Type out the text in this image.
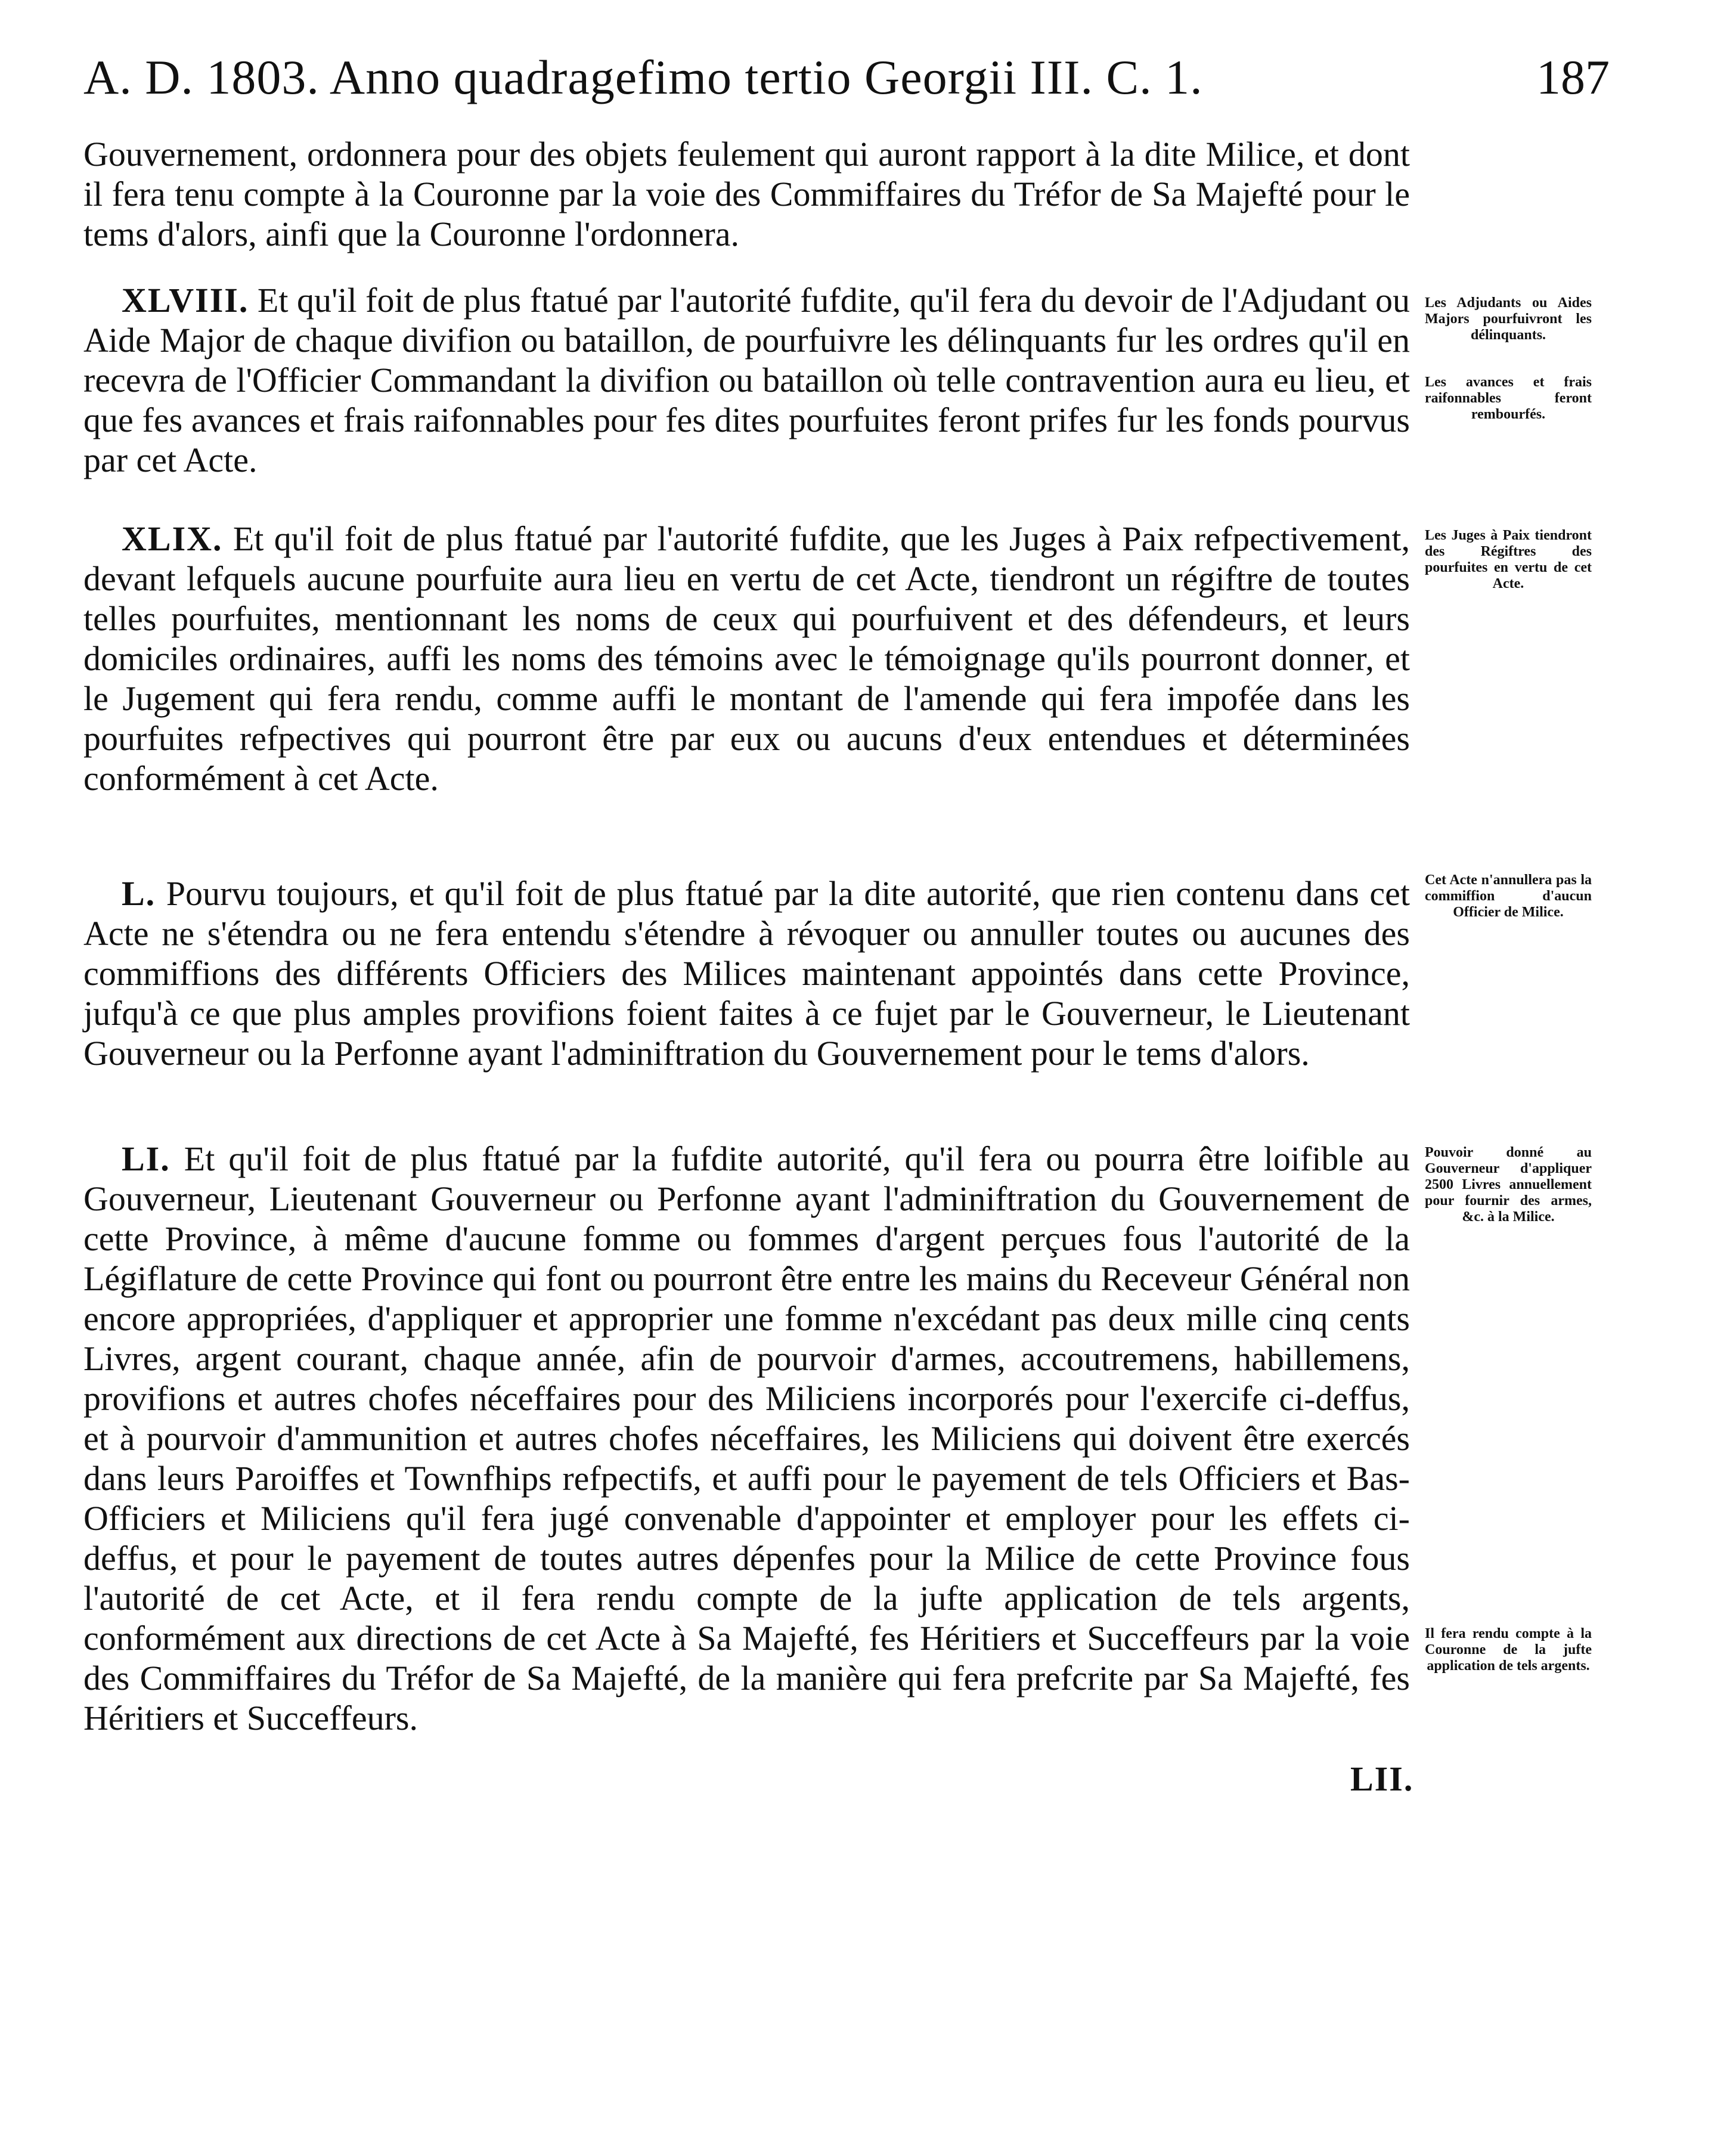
A. D. 1803. Anno quadragefimo tertio Georgii III. C. 1.	187

Gouvernement, ordonnera pour des objets feulement qui auront rapport à la dite Milice, et dont il fera tenu compte à la Couronne par la voie des Commiffaires du Tréfor de Sa Majefté pour le tems d'alors, ainfi que la Couronne l'ordonnera.

XLVIII. Et qu'il foit de plus ftatué par l'autorité fufdite, qu'il fera du devoir de l'Adjudant ou Aide Major de chaque divifion ou bataillon, de pourfuivre les délinquants fur les ordres qu'il en recevra de l'Officier Commandant la divifion ou bataillon où telle contravention aura eu lieu, et que fes avances et frais raifonnables pour fes dites pourfuites feront prifes fur les fonds pourvus par cet Acte.

XLIX. Et qu'il foit de plus ftatué par l'autorité fufdite, que les Juges à Paix refpectivement, devant lefquels aucune pourfuite aura lieu en vertu de cet Acte, tiendront un régiftre de toutes telles pourfuites, mentionnant les noms de ceux qui pourfuivent et des défendeurs, et leurs domiciles ordinaires, auffi les noms des témoins avec le témoignage qu'ils pourront donner, et le Jugement qui fera rendu, comme auffi le montant de l'amende qui fera impofée dans les pourfuites refpectives qui pourront être par eux ou aucuns d'eux entendues et déterminées conformément à cet Acte.

L. Pourvu toujours, et qu'il foit de plus ftatué par la dite autorité, que rien contenu dans cet Acte ne s'étendra ou ne fera entendu s'étendre à révoquer ou annuller toutes ou aucunes des commiffions des différents Officiers des Milices maintenant appointés dans cette Province, jufqu'à ce que plus amples provifions foient faites à ce fujet par le Gouverneur, le Lieutenant Gouverneur ou la Perfonne ayant l'adminiftration du Gouvernement pour le tems d'alors.

LI. Et qu'il foit de plus ftatué par la fufdite autorité, qu'il fera ou pourra être loifible au Gouverneur, Lieutenant Gouverneur ou Perfonne ayant l'adminiftration du Gouvernement de cette Province, à même d'aucune fomme ou fommes d'argent perçues fous l'autorité de la Légiflature de cette Province qui font ou pourront être entre les mains du Receveur Général non encore appropriées, d'appliquer et approprier une fomme n'excédant pas deux mille cinq cents Livres, argent courant, chaque année, afin de pourvoir d'armes, accoutremens, habillemens, provifions et autres chofes néceffaires pour des Miliciens incorporés pour l'exercife ci-deffus, et à pourvoir d'ammunition et autres chofes néceffaires, les Miliciens qui doivent être exercés dans leurs Paroiffes et Townfhips refpectifs, et auffi pour le payement de tels Officiers et Bas-Officiers et Miliciens qu'il fera jugé convenable d'appointer et employer pour les effets ci-deffus, et pour le payement de toutes autres dépenfes pour la Milice de cette Province fous l'autorité de cet Acte, et il fera rendu compte de la jufte application de tels argents, conformément aux directions de cet Acte à Sa Majefté, fes Héritiers et Succeffeurs par la voie des Commiffaires du Tréfor de Sa Majefté, de la manière qui fera prefcrite par Sa Majefté, fes Héritiers et Succeffeurs.

LII.
Les Adjudants ou Aides Majors pourfuivront les délinquants.
Les avances et frais raifonnables feront rembourfés.
Les Juges à Paix tiendront des Régiftres des pourfuites en vertu de cet Acte.
Cet Acte n'annullera pas la commiffion d'aucun Officier de Milice.
Pouvoir donné au Gouverneur d'appliquer 2500 Livres annuellement pour fournir des armes, &c. à la Milice.
Il fera rendu compte à la Couronne de la jufte application de tels argents.
